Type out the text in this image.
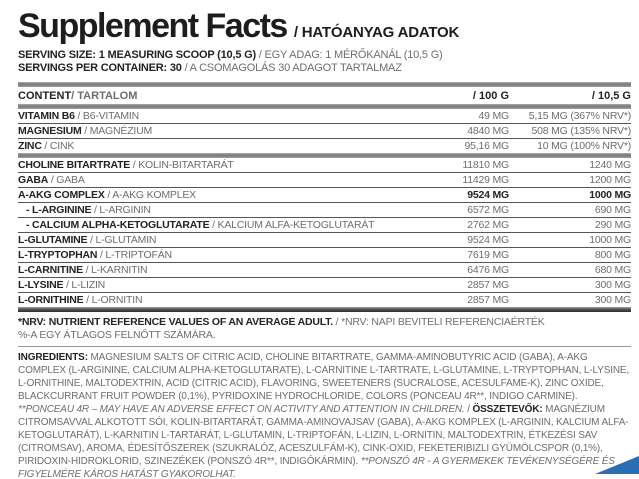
Supplement Facts / HATÓANYAG ADATOK
SERVING SIZE: 1 MEASURING SCOOP (10,5 G) / EGY ADAG: 1 MÉRŐKANÁL (10,5 G)
SERVINGS PER CONTAINER: 30 / A CSOMAGOLÁS 30 ADAGOT TARTALMAZ
CONTENT/ TARTALOM	/ 100 G	/ 10,5 G
VITAMIN B6 / B6-VITAMIN	49 MG	5,15 MG (367% NRV*)
MAGNESIUM / MAGNÉZIUM	4840 MG	508 MG (135% NRV*)
ZINC / CINK	95,16 MG	10 MG (100% NRV*)
CHOLINE BITARTRATE / KOLIN-BITARTARÁT	11810 MG	1240 MG
GABA / GABA	11429 MG	1200 MG
A-AKG COMPLEX / A-AKG KOMPLEX	9524 MG	1000 MG
- L-ARGININE / L-ARGININ	6572 MG	690 MG
- CALCIUM ALPHA-KETOGLUTARATE / KALCIUM ALFA-KETOGLUTARÁT	2762 MG	290 MG
L-GLUTAMINE / L-GLUTAMIN	9524 MG	1000 MG
L-TRYPTOPHAN / L-TRIPTOFÁN	7619 MG	800 MG
L-CARNITINE / L-KARNITIN	6476 MG	680 MG
L-LYSINE / L-LIZIN	2857 MG	300 MG
L-ORNITHINE / L-ORNITIN	2857 MG	300 MG
*NRV: NUTRIENT REFERENCE VALUES OF AN AVERAGE ADULT. / *NRV: NAPI BEVITELI REFERENCIAÉRTÉK %-A EGY ÁTLAGOS FELNŐTT SZÁMÁRA.
INGREDIENTS: MAGNESIUM SALTS OF CITRIC ACID, CHOLINE BITARTRATE, GAMMA-AMINOBUTYRIC ACID (GABA), A-AKG COMPLEX (L-ARGININE, CALCIUM ALPHA-KETOGLUTARATE), L-CARNITINE L-TARTRATE, L-GLUTAMINE, L-TRYPTOPHAN, L-LYSINE, L-ORNITHINE, MALTODEXTRIN, ACID (CITRIC ACID), FLAVORING, SWEETENERS (SUCRALOSE, ACESULFAME-K), ZINC OXIDE, BLACKCURRANT FRUIT POWDER (0,1%), PYRIDOXINE HYDROCHLORIDE, COLORS (PONCEAU 4R**, INDIGO CARMINE). **PONCEAU 4R – MAY HAVE AN ADVERSE EFFECT ON ACTIVITY AND ATTENTION IN CHILDREN. / ÖSSZETEVŐK: MAGNÉZIUM CITROMSAVVAL ALKOTOTT SÓI, KOLIN-BITARTARÁT, GAMMA-AMINOVAJSAV (GABA), A-AKG KOMPLEX (L-ARGININ, KALCIUM ALFA-KETOGLUTARÁT), L-KARNITIN L-TARTARÁT, L-GLUTAMIN, L-TRIPTOFÁN, L-LIZIN, L-ORNITIN, MALTODEXTRIN, ÉTKEZÉSI SAV (CITROMSAV), AROMA, ÉDESÍTŐSZEREK (SZUKRALÓZ, ACESZULFÁM-K), CINK-OXID, FEKETERIBIZLI GYÜMÖLCSPOR (0,1%), PIRIDOXIN-HIDROKLORID, SZINEZÉKEK (PONSZÓ 4R**, INDIGÓKÁRMIN). **PONSZÓ 4R - A GYERMEKEK TEVÉKENYSÉGÉRE ÉS FIGYELMÉRE KÁROS HATÁST GYAKOROLHAT.
